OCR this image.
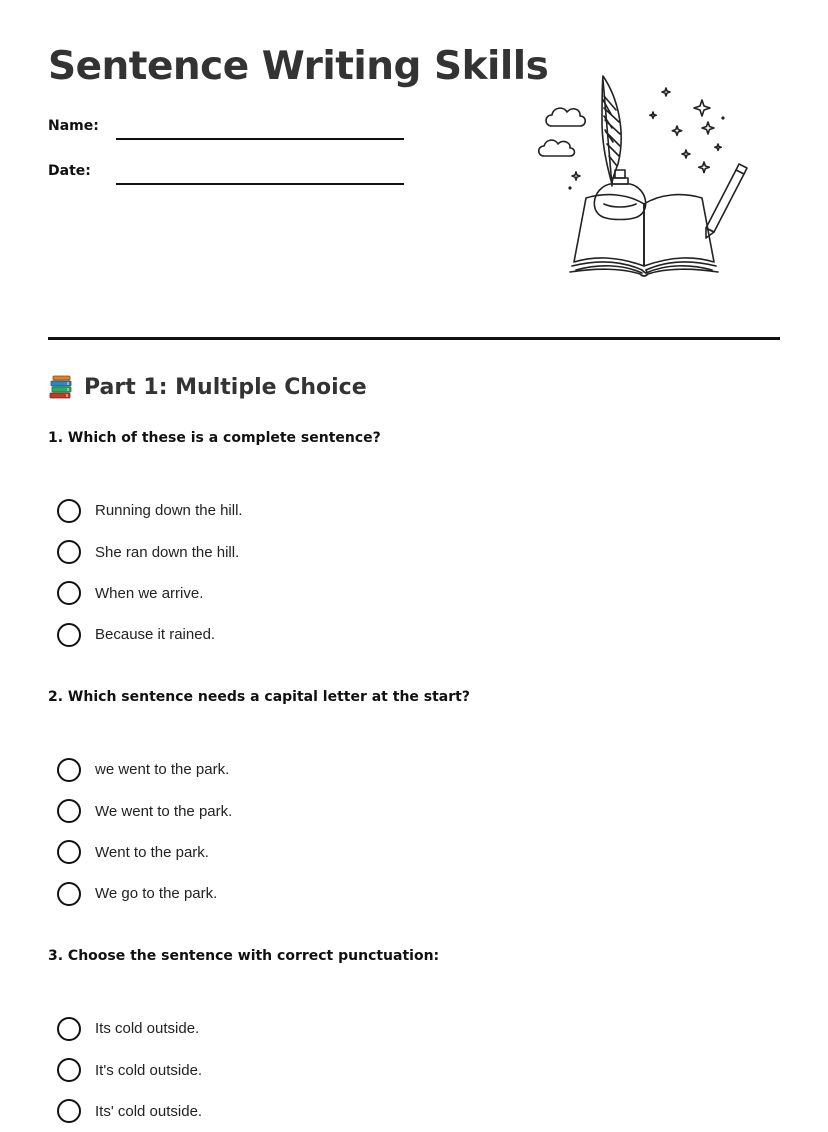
Sentence Writing Skills
Name:
Date:
Part 1: Multiple Choice

1. Which of these is a complete sentence?

Running down the hill.
She ran down the hill.
When we arrive.
Because it rained.

2. Which sentence needs a capital letter at the start?

we went to the park.
We went to the park.
Went to the park.
We go to the park.

3. Choose the sentence with correct punctuation:

Its cold outside.
It's cold outside.
Its' cold outside.
